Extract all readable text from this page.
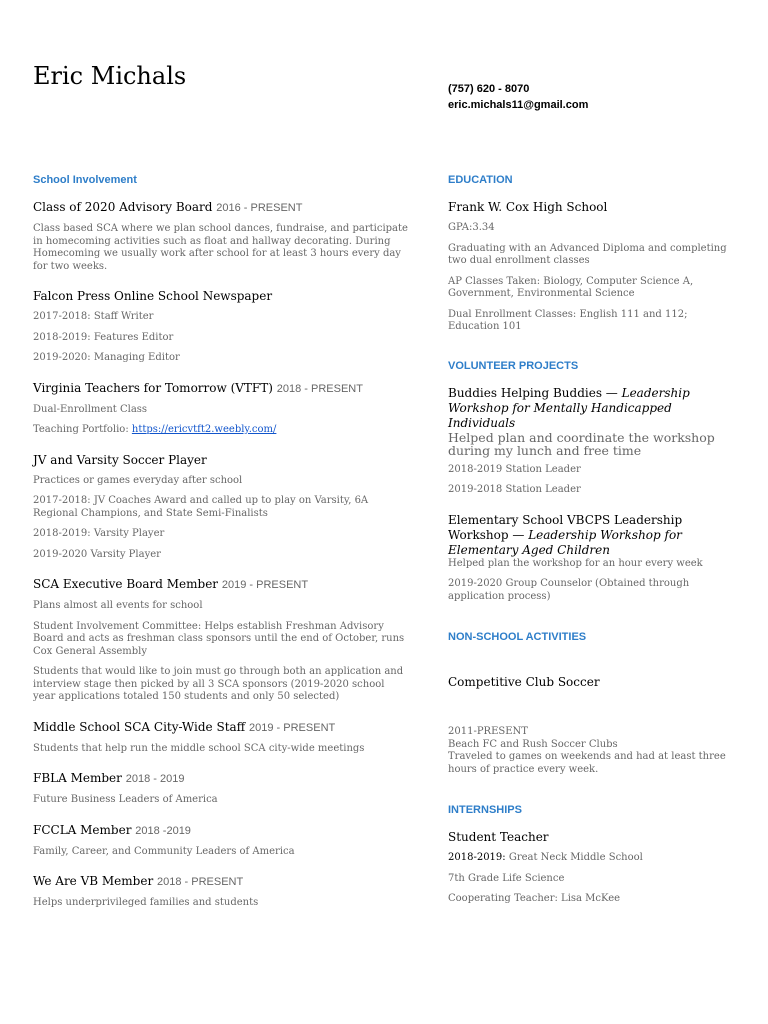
Eric Michals	(757) 620 - 8070
eric.michals11@gmail.com
School Involvement
Class of 2020 Advisory Board 2016 - PRESENT
Class based SCA where we plan school dances, fundraise, and participate in homecoming activities such as float and hallway decorating. During Homecoming we usually work after school for at least 3 hours every day for two weeks.
Falcon Press Online School Newspaper
2017-2018: Staff Writer
2018-2019: Features Editor
2019-2020: Managing Editor
Virginia Teachers for Tomorrow (VTFT) 2018 - PRESENT
Dual-Enrollment Class
Teaching Portfolio: https://ericvtft2.weebly.com/
JV and Varsity Soccer Player
Practices or games everyday after school
2017-2018: JV Coaches Award and called up to play on Varsity, 6A Regional Champions, and State Semi-Finalists
2018-2019: Varsity Player
2019-2020 Varsity Player
SCA Executive Board Member 2019 - PRESENT
Plans almost all events for school
Student Involvement Committee: Helps establish Freshman Advisory Board and acts as freshman class sponsors until the end of October, runs Cox General Assembly
Students that would like to join must go through both an application and interview stage then picked by all 3 SCA sponsors (2019-2020 school year applications totaled 150 students and only 50 selected)
Middle School SCA City-Wide Staff 2019 - PRESENT
Students that help run the middle school SCA city-wide meetings
FBLA Member 2018 - 2019
Future Business Leaders of America
FCCLA Member 2018 -2019
Family, Career, and Community Leaders of America
We Are VB Member 2018 - PRESENT
Helps underprivileged families and students
EDUCATION
Frank W. Cox High School
GPA:3.34
Graduating with an Advanced Diploma and completing two dual enrollment classes
AP Classes Taken: Biology, Computer Science A, Government, Environmental Science
Dual Enrollment Classes: English 111 and 112; Education 101
VOLUNTEER PROJECTS
Buddies Helping Buddies — Leadership Workshop for Mentally Handicapped Individuals
Helped plan and coordinate the workshop during my lunch and free time
2018-2019 Station Leader
2019-2018 Station Leader
Elementary School VBCPS Leadership Workshop — Leadership Workshop for Elementary Aged Children
Helped plan the workshop for an hour every week
2019-2020 Group Counselor (Obtained through application process)
NON-SCHOOL ACTIVITIES
Competitive Club Soccer
2011-PRESENT
Beach FC and Rush Soccer Clubs
Traveled to games on weekends and had at least three hours of practice every week.
INTERNSHIPS
Student Teacher
2018-2019: Great Neck Middle School
7th Grade Life Science
Cooperating Teacher: Lisa McKee
